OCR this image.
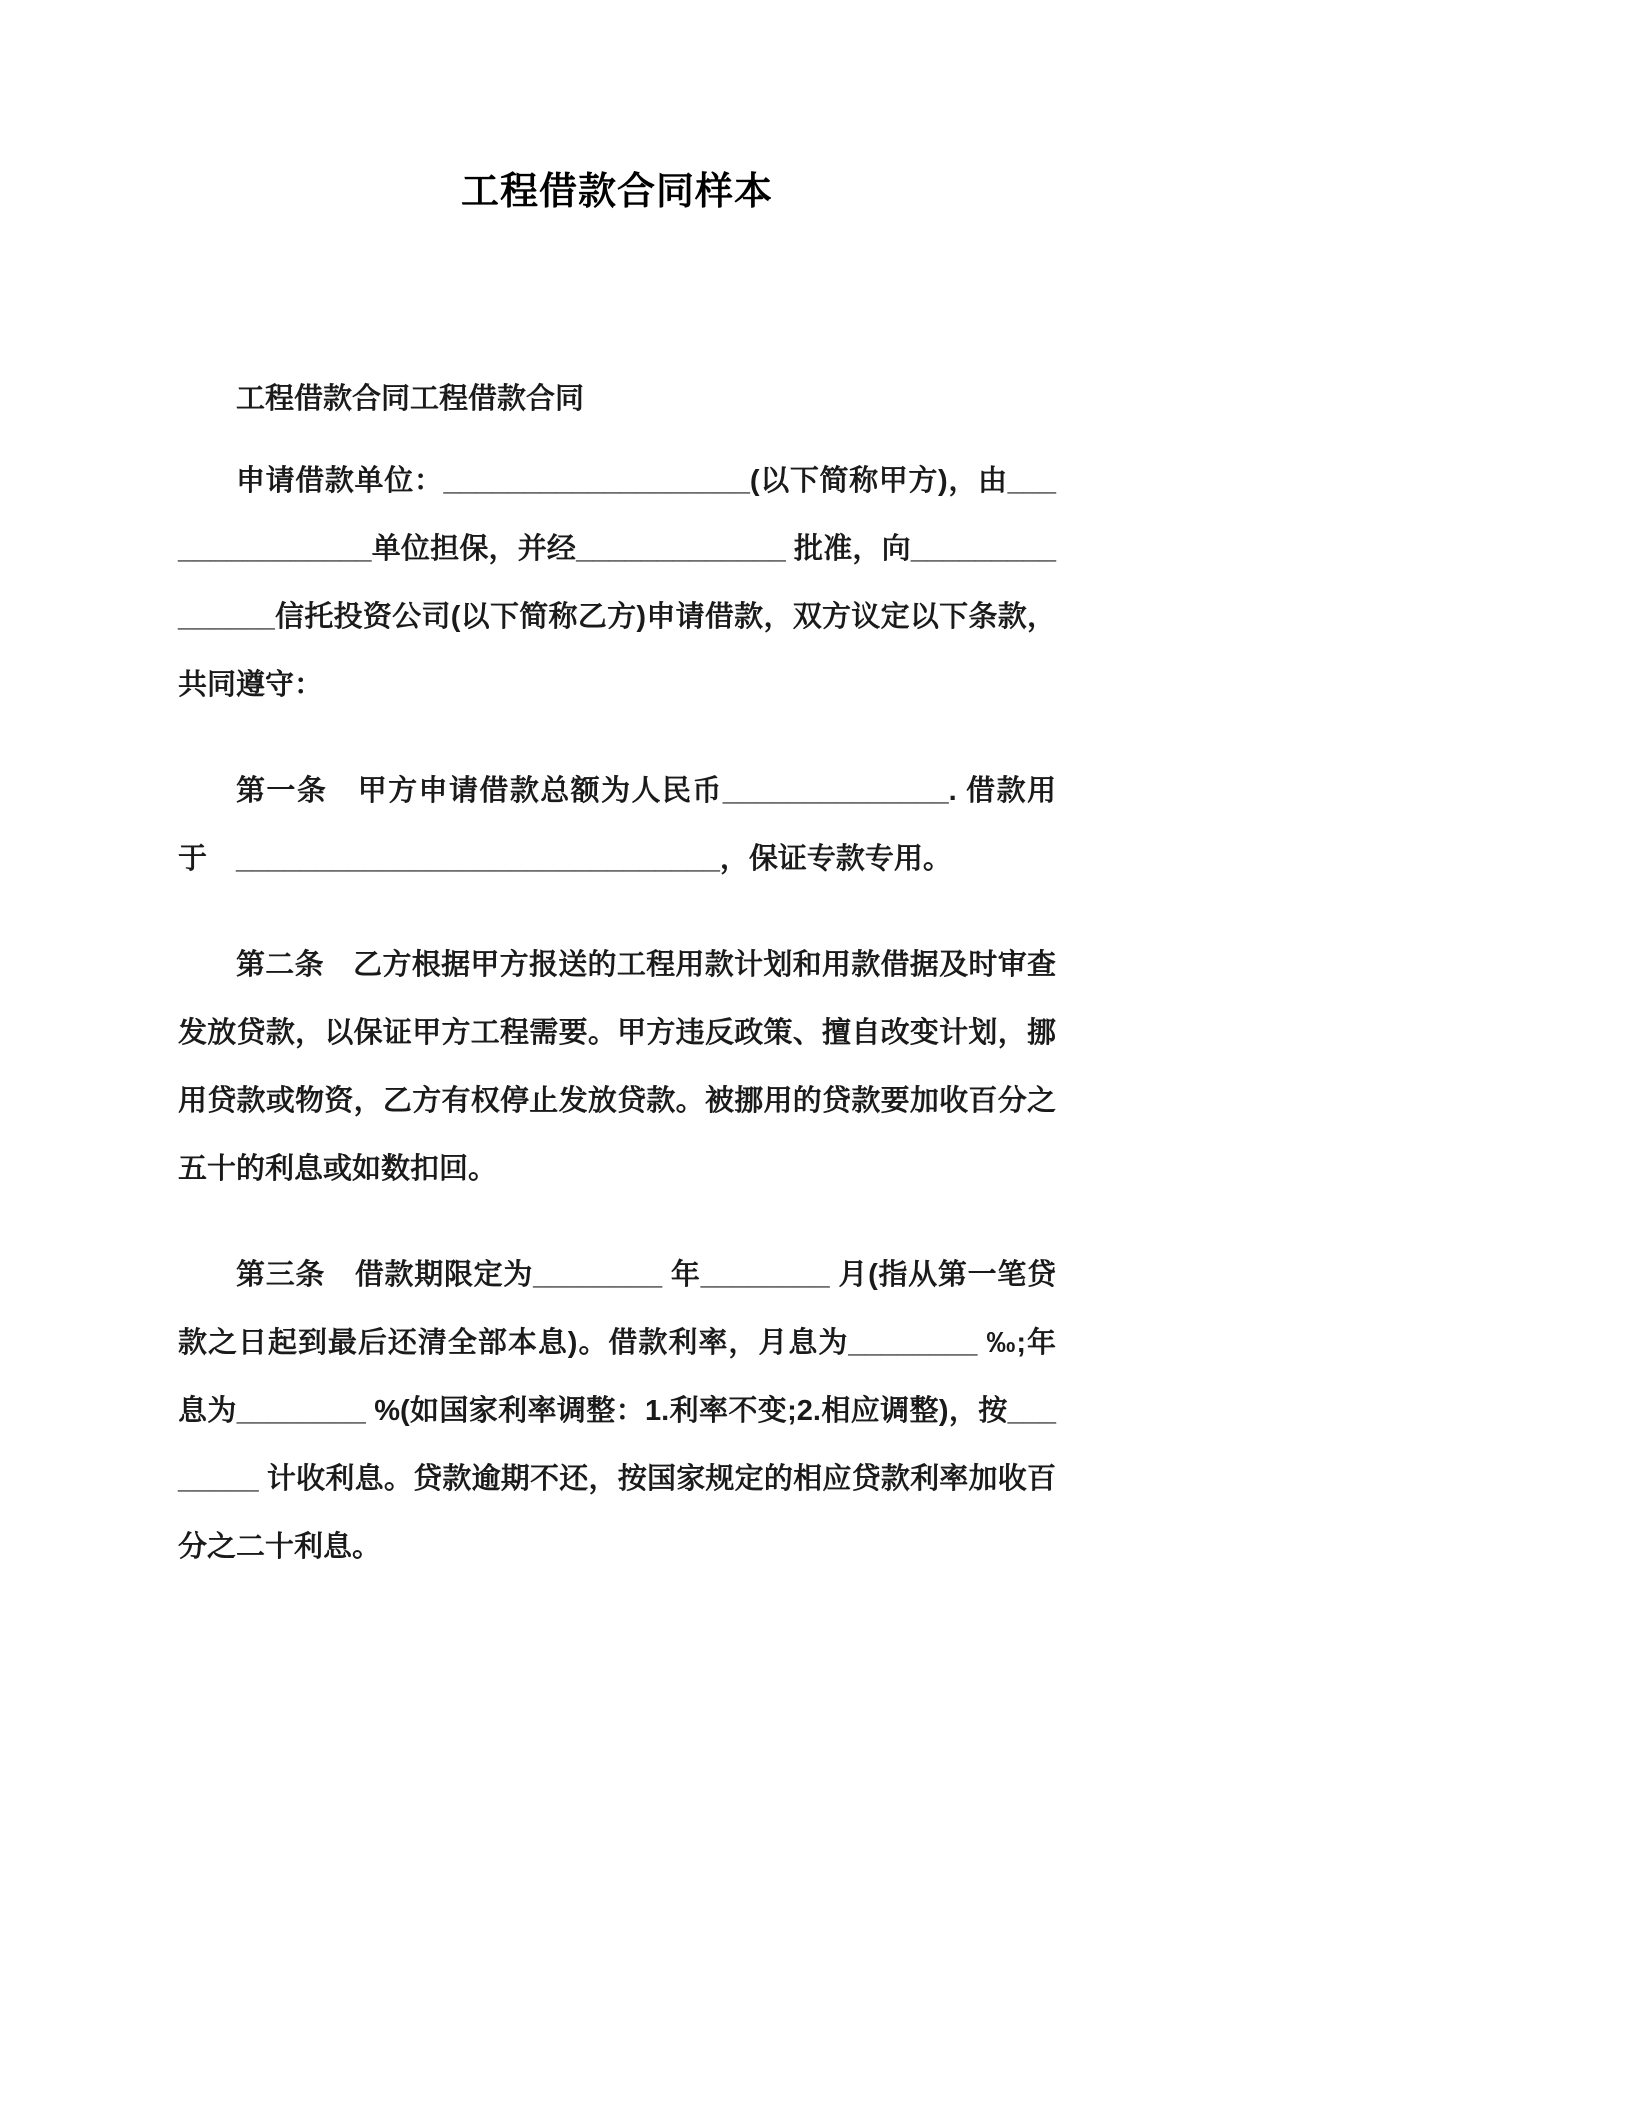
工程借款合同样本

工程借款合同工程借款合同

申请借款单位：___________________(以下简称甲方)，由_______________单位担保，并经_____________ 批准，向_______________信托投资公司(以下简称乙方)申请借款，双方议定以下条款，共同遵守：

第一条　甲方申请借款总额为人民币______________. 借款用于　______________________________，保证专款专用。

第二条　乙方根据甲方报送的工程用款计划和用款借据及时审查发放贷款，以保证甲方工程需要。甲方违反政策、擅自改变计划，挪用贷款或物资，乙方有权停止发放贷款。被挪用的贷款要加收百分之五十的利息或如数扣回。

第三条　借款期限定为________ 年________ 月(指从第一笔贷款之日起到最后还清全部本息)。借款利率，月息为________ ‰;年息为________ %(如国家利率调整：1.利率不变;2.相应调整)，按________ 计收利息。贷款逾期不还，按国家规定的相应贷款利率加收百分之二十利息。
